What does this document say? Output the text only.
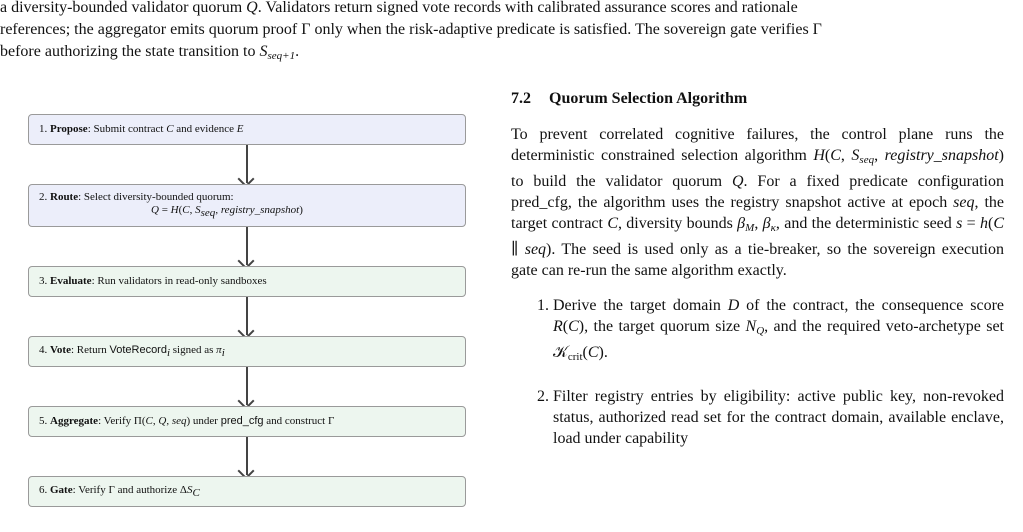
a diversity-bounded validator quorum Q. Validators return signed vote records with calibrated assurance scores and rationale

references; the aggregator emits quorum proof Γ only when the risk-adaptive predicate is satisfied. The sovereign gate verifies Γ

before authorizing the state transition to $S_{seq+1}$.

1. Propose: Submit contract C and evidence E
2. Route: Select diversity-bounded quorum:
Q = H(C, Sseq, registry_snapshot)
3. Evaluate: Run validators in read-only sandboxes
4. Vote: Return VoteRecordi signed as πi
5. Aggregate: Verify Π(C, Q, seq) under pred_cfg and construct Γ
6. Gate: Verify Γ and authorize ΔSC
7.2 Quorum Selection Algorithm

To prevent correlated cognitive failures, the control plane runs the deterministic constrained selection algorithm H(C, $S_{seq}$, registry_snapshot) to build the validator quorum Q. For a fixed predicate configuration pred_cfg, the algorithm uses the registry snapshot active at epoch seq, the target contract C, diversity bounds $\beta_M$, $\beta_\kappa$, and the deterministic seed s = h(C ∥ seq). The seed is used only as a tie-breaker, so the sovereign execution gate can re-run the same algorithm exactly.

1. Derive the target domain D of the contract, the consequence score R(C), the target quorum size $N_Q$, and the required veto-archetype set 𝒦$_{crit}$(C).
2. Filter registry entries by eligibility: active public key, non-revoked status, authorized read set for the contract domain, available enclave, load under capability
